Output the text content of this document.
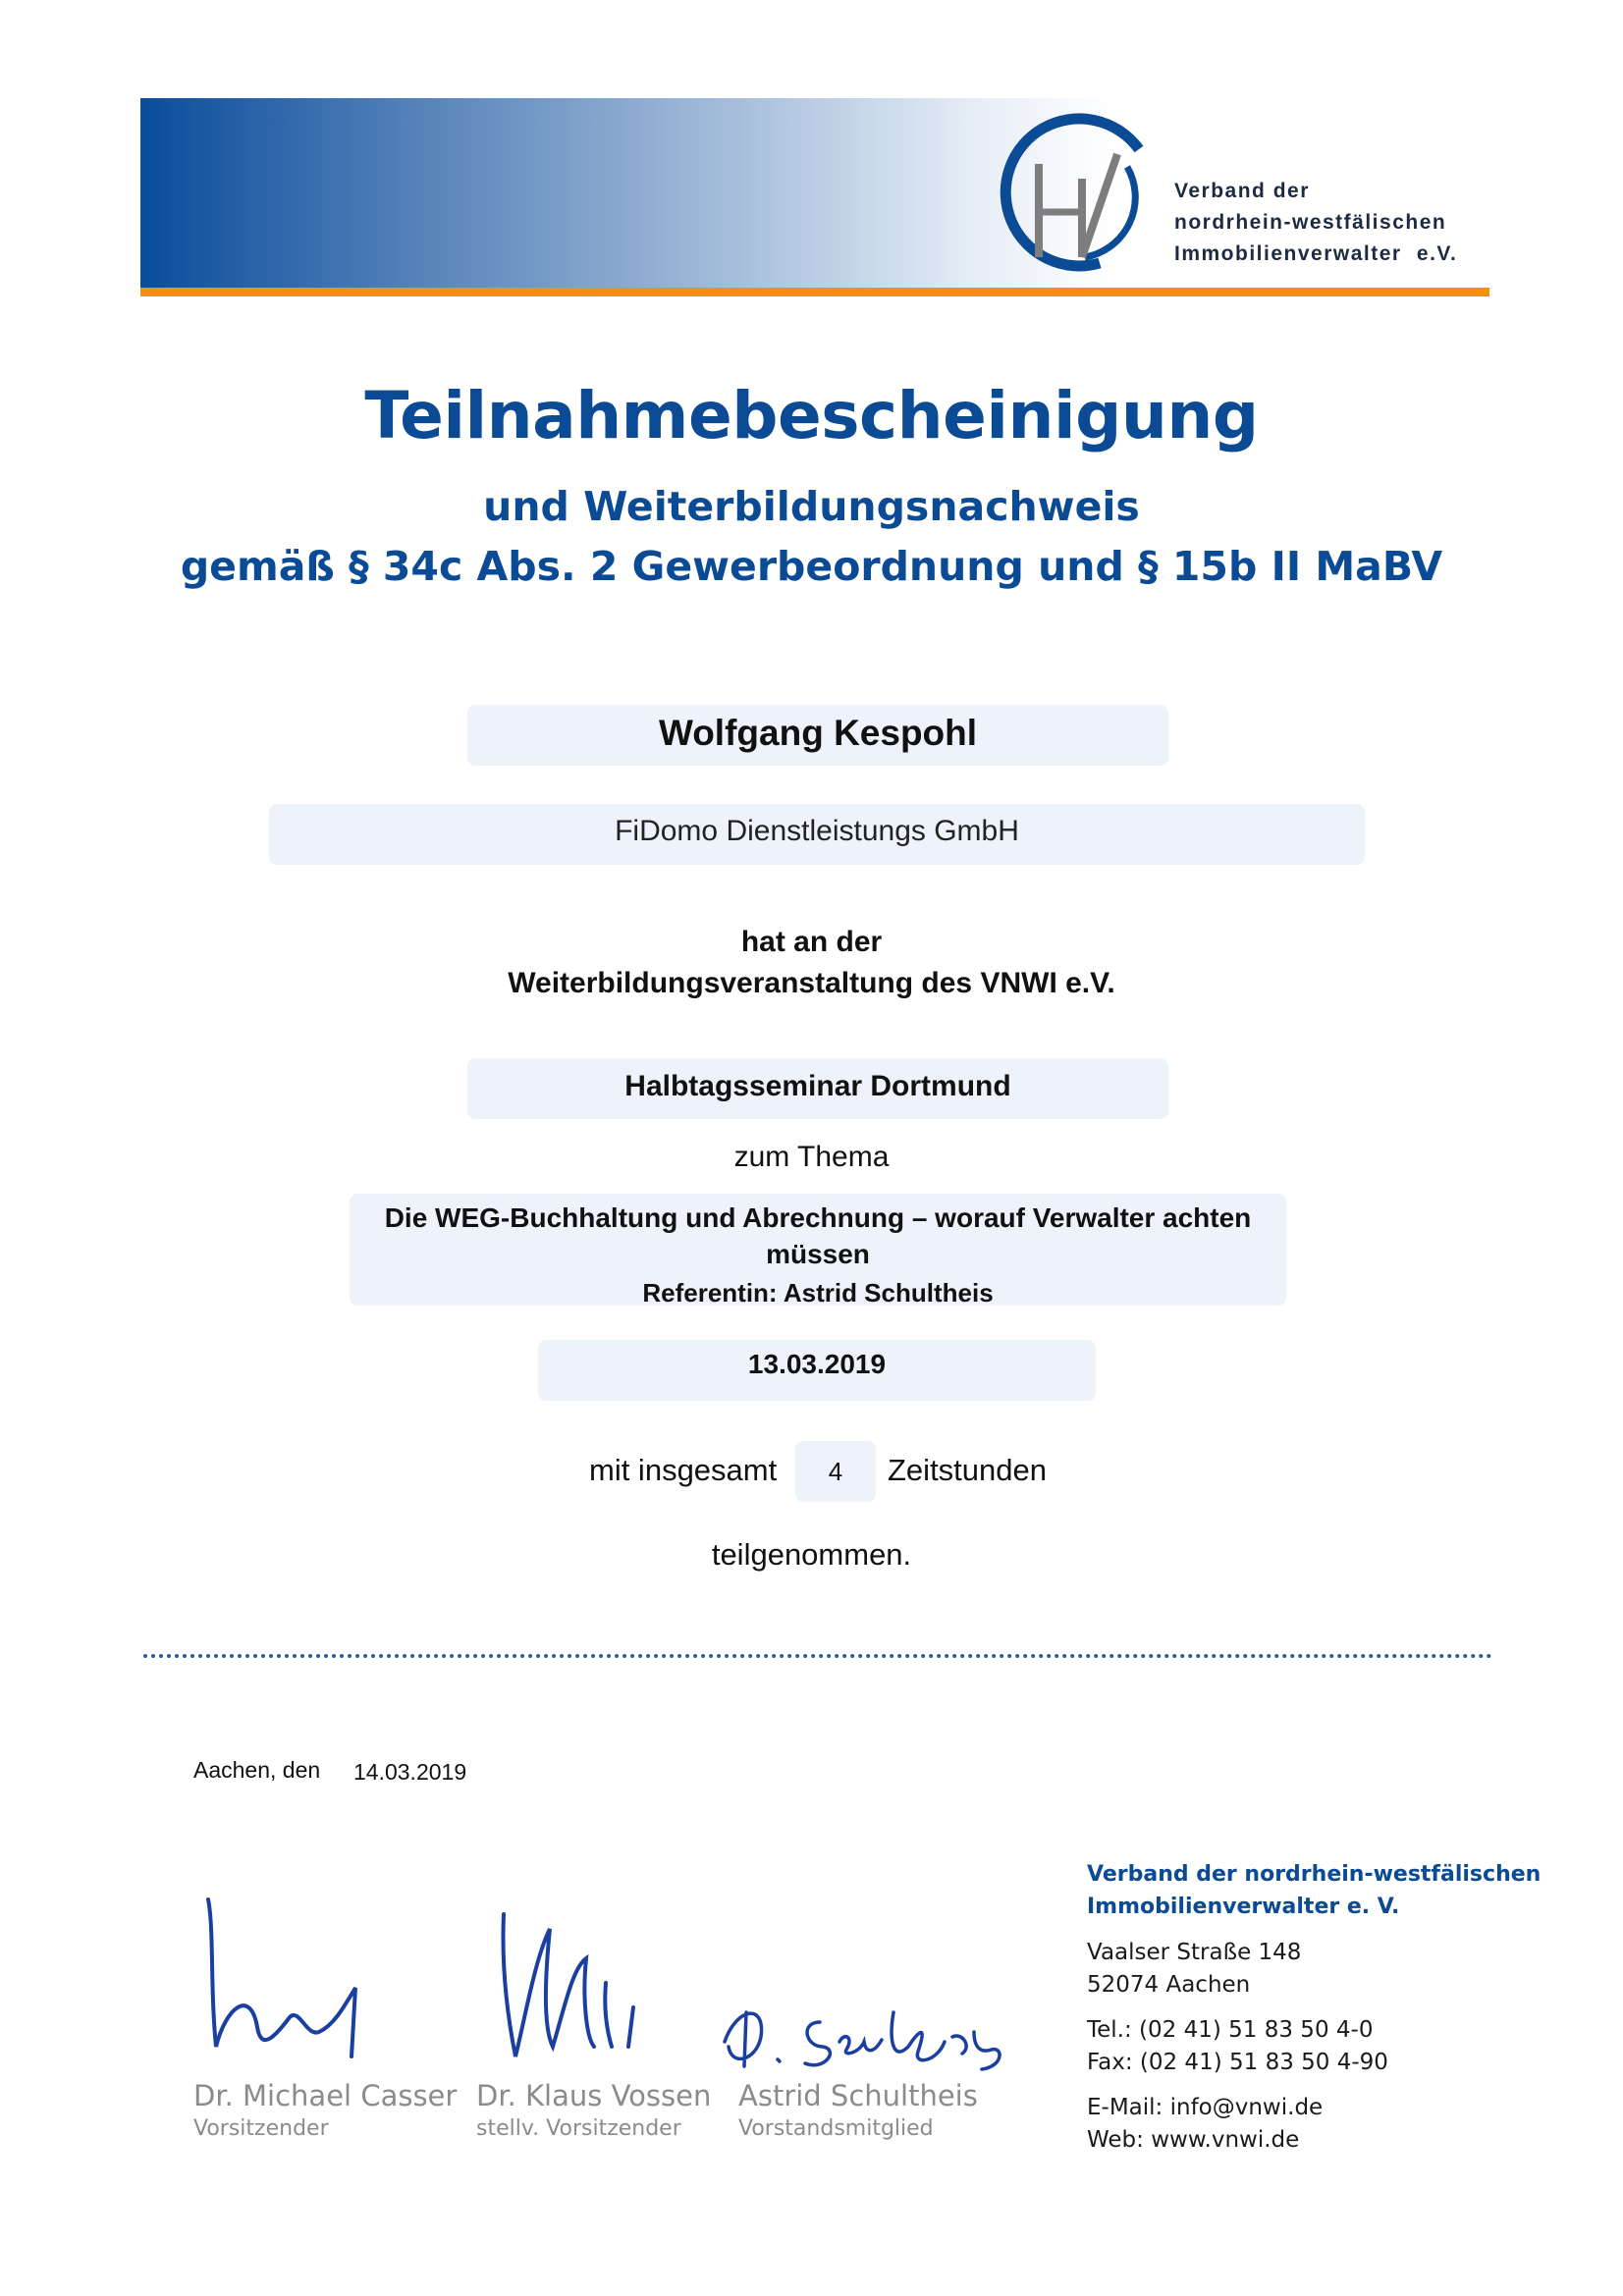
Verband der
nordrhein-westfälischen
Immobilienverwalter e.V.
Teilnahmebescheinigung
und Weiterbildungsnachweis
gemäß § 34c Abs. 2 Gewerbeordnung und § 15b II MaBV
Wolfgang Kespohl
FiDomo Dienstleistungs GmbH
hat an der
Weiterbildungsveranstaltung des VNWI e.V.
Halbtagsseminar Dortmund
zum Thema
Die WEG-Buchhaltung und Abrechnung – worauf Verwalter achten
müssen
Referentin: Astrid Schultheis
13.03.2019
mit insgesamt	4	Zeitstunden
teilgenommen.
Aachen, den 14.03.2019
Dr. Michael Casser
Vorsitzender
Dr. Klaus Vossen
stellv. Vorsitzender
Astrid Schultheis
Vorstandsmitglied
Verband der nordrhein-westfälischen
Immobilienverwalter e. V.
Vaalser Straße 148
52074 Aachen
Tel.: (02 41) 51 83 50 4-0
Fax: (02 41) 51 83 50 4-90
E-Mail: info@vnwi.de
Web: www.vnwi.de
